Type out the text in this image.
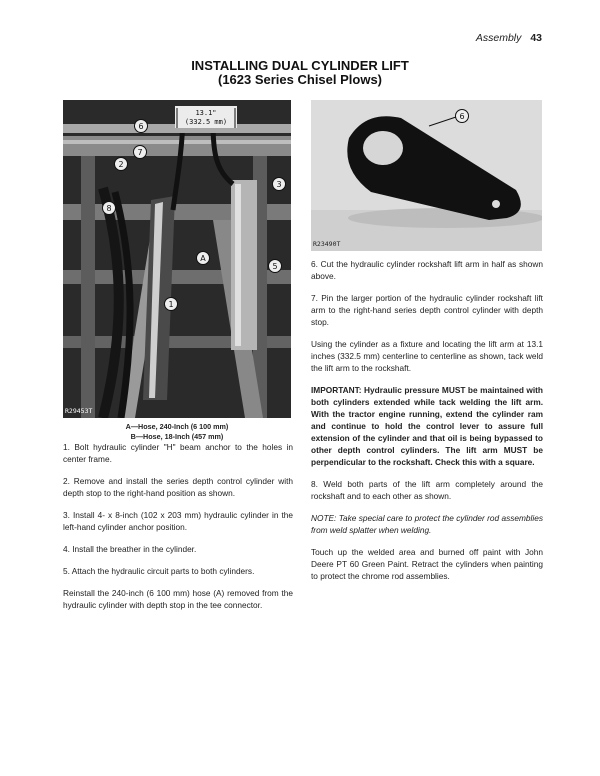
Assembly 43
INSTALLING DUAL CYLINDER LIFT
(1623 Series Chisel Plows)
13.1"
(332.5 mm)
6
7
2
3
8
A
5
1
R29453T
A—Hose, 240-Inch (6 100 mm)
B—Hose, 18-Inch (457 mm)
6
R23490T

1. Bolt hydraulic cylinder "H" beam anchor to the holes in center frame.

2. Remove and install the series depth control cylinder with depth stop to the right-hand position as shown.

3. Install 4- x 8-inch (102 x 203 mm) hydraulic cylinder in the left-hand cylinder anchor position.

4. Install the breather in the cylinder.

5. Attach the hydraulic circuit parts to both cylinders.

Reinstall the 240-inch (6 100 mm) hose (A) removed from the hydraulic cylinder with depth stop in the tee connector.

6. Cut the hydraulic cylinder rockshaft lift arm in half as shown above.

7. Pin the larger portion of the hydraulic cylinder rockshaft lift arm to the right-hand series depth control cylinder with depth stop.

Using the cylinder as a fixture and locating the lift arm at 13.1 inches (332.5 mm) centerline to centerline as shown, tack weld the lift arm to the rockshaft.

IMPORTANT: Hydraulic pressure MUST be maintained with both cylinders extended while tack welding the lift arm. With the tractor engine running, extend the cylinder ram and continue to hold the control lever to assure full extension of the cylinder and that oil is being bypassed to other depth control cylinders. The lift arm MUST be perpendicular to the rockshaft. Check this with a square.

8. Weld both parts of the lift arm completely around the rockshaft and to each other as shown.

NOTE: Take special care to protect the cylinder rod assemblies from weld splatter when welding.

Touch up the welded area and burned off paint with John Deere PT 60 Green Paint. Retract the cylinders when painting to protect the chrome rod assemblies.
